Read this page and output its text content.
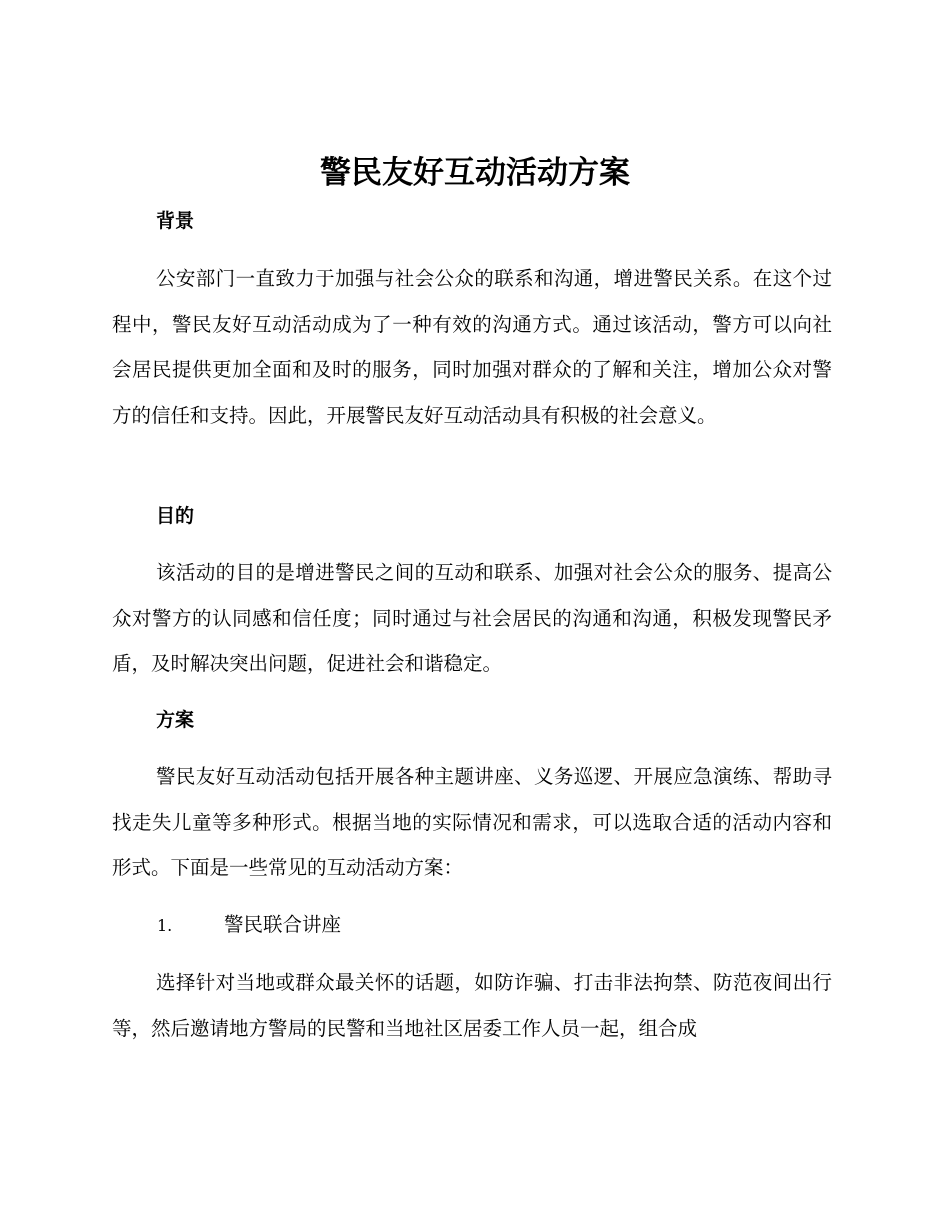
警民友好互动活动方案
背景

公安部门一直致力于加强与社会公众的联系和沟通，增进警民关系。在这个过程中，警民友好互动活动成为了一种有效的沟通方式。通过该活动，警方可以向社会居民提供更加全面和及时的服务，同时加强对群众的了解和关注，增加公众对警方的信任和支持。因此，开展警民友好互动活动具有积极的社会意义。

目的

该活动的目的是增进警民之间的互动和联系、加强对社会公众的服务、提高公众对警方的认同感和信任度；同时通过与社会居民的沟通和沟通，积极发现警民矛盾，及时解决突出问题，促进社会和谐稳定。

方案

警民友好互动活动包括开展各种主题讲座、义务巡逻、开展应急演练、帮助寻找走失儿童等多种形式。根据当地的实际情况和需求，可以选取合适的活动内容和形式。下面是一些常见的互动活动方案：

1.	警民联合讲座

选择针对当地或群众最关怀的话题，如防诈骗、打击非法拘禁、防范夜间出行等，然后邀请地方警局的民警和当地社区居委工作人员一起，组合成
